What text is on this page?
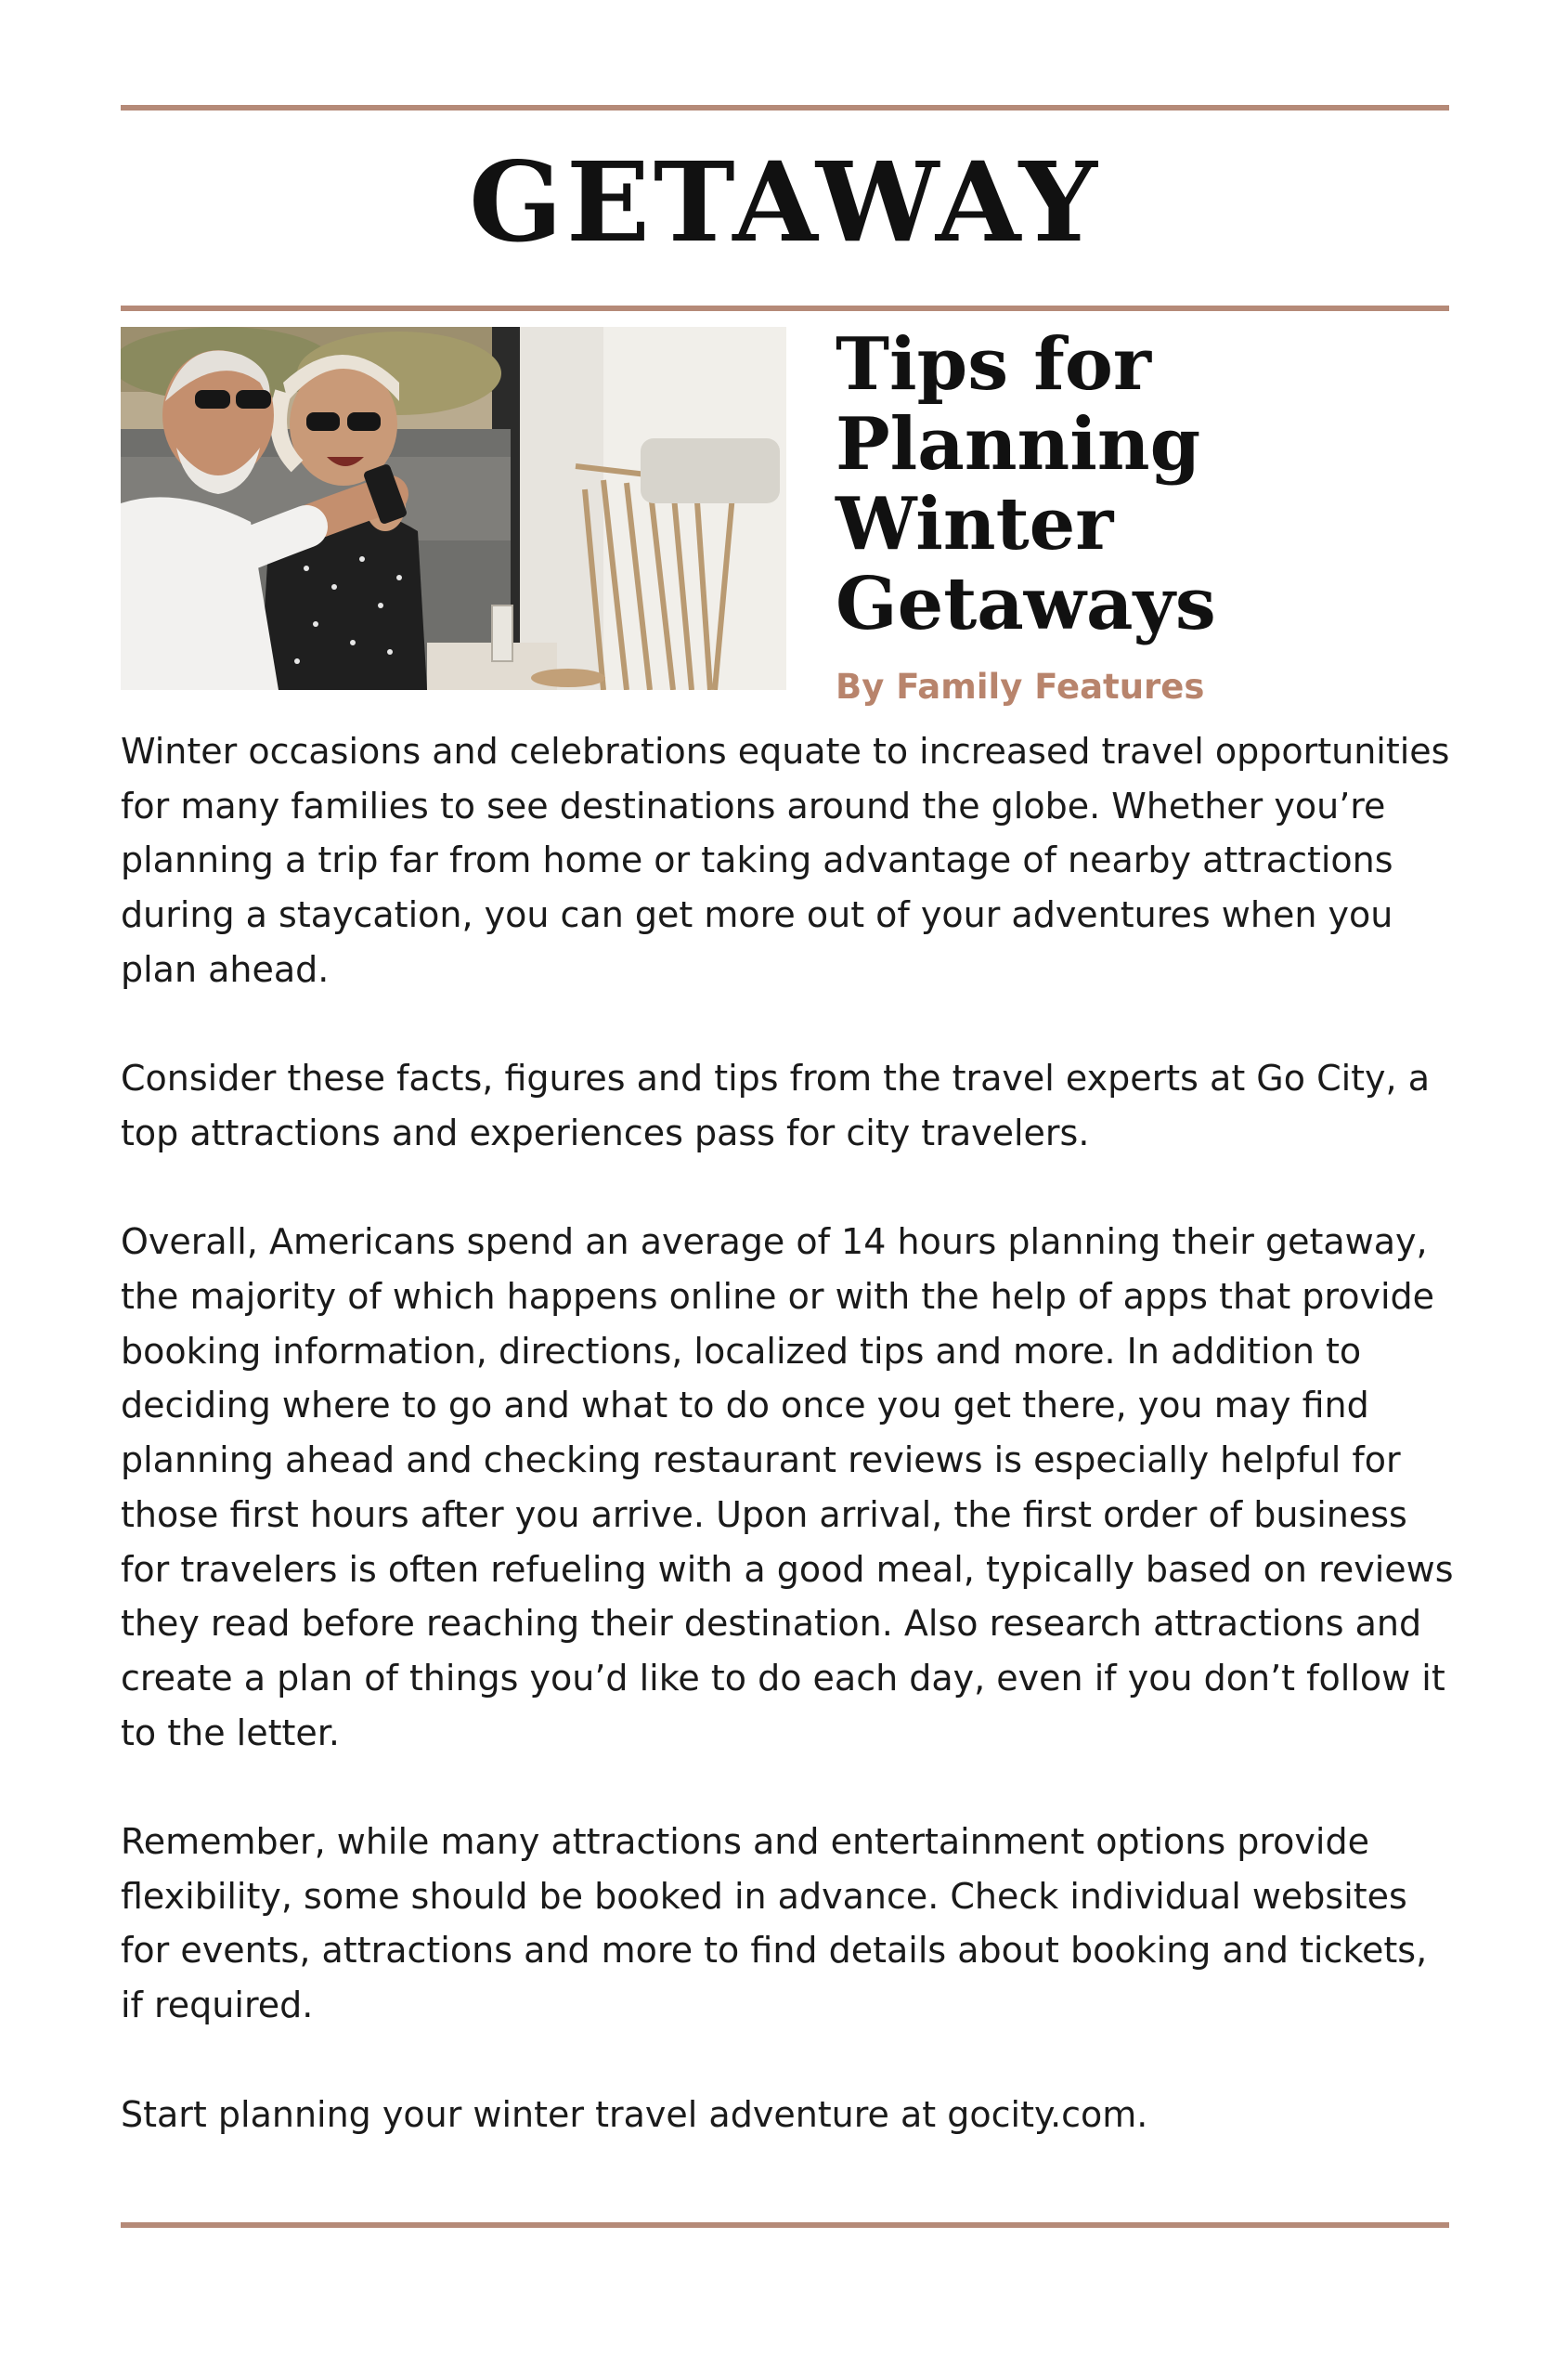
GETAWAY
Tips for
Planning
Winter
Getaways

By Family Features

Winter occasions and celebrations equate to increased travel opportunities for many families to see destinations around the globe. Whether you’re planning a trip far from home or taking advantage of nearby attractions during a staycation, you can get more out of your adventures when you plan ahead.

Consider these facts, figures and tips from the travel experts at Go City, a top attractions and experiences pass for city travelers.

Overall, Americans spend an average of 14 hours planning their getaway, the majority of which happens online or with the help of apps that provide booking information, directions, localized tips and more. In addition to deciding where to go and what to do once you get there, you may find planning ahead and checking restaurant reviews is especially helpful for those first hours after you arrive. Upon arrival, the first order of business for travelers is often refueling with a good meal, typically based on reviews they read before reaching their destination. Also research attractions and create a plan of things you’d like to do each day, even if you don’t follow it to the letter.

Remember, while many attractions and entertainment options provide flexibility, some should be booked in advance. Check individual websites for events, attractions and more to find details about booking and tickets, if required.

Start planning your winter travel adventure at gocity.com.
